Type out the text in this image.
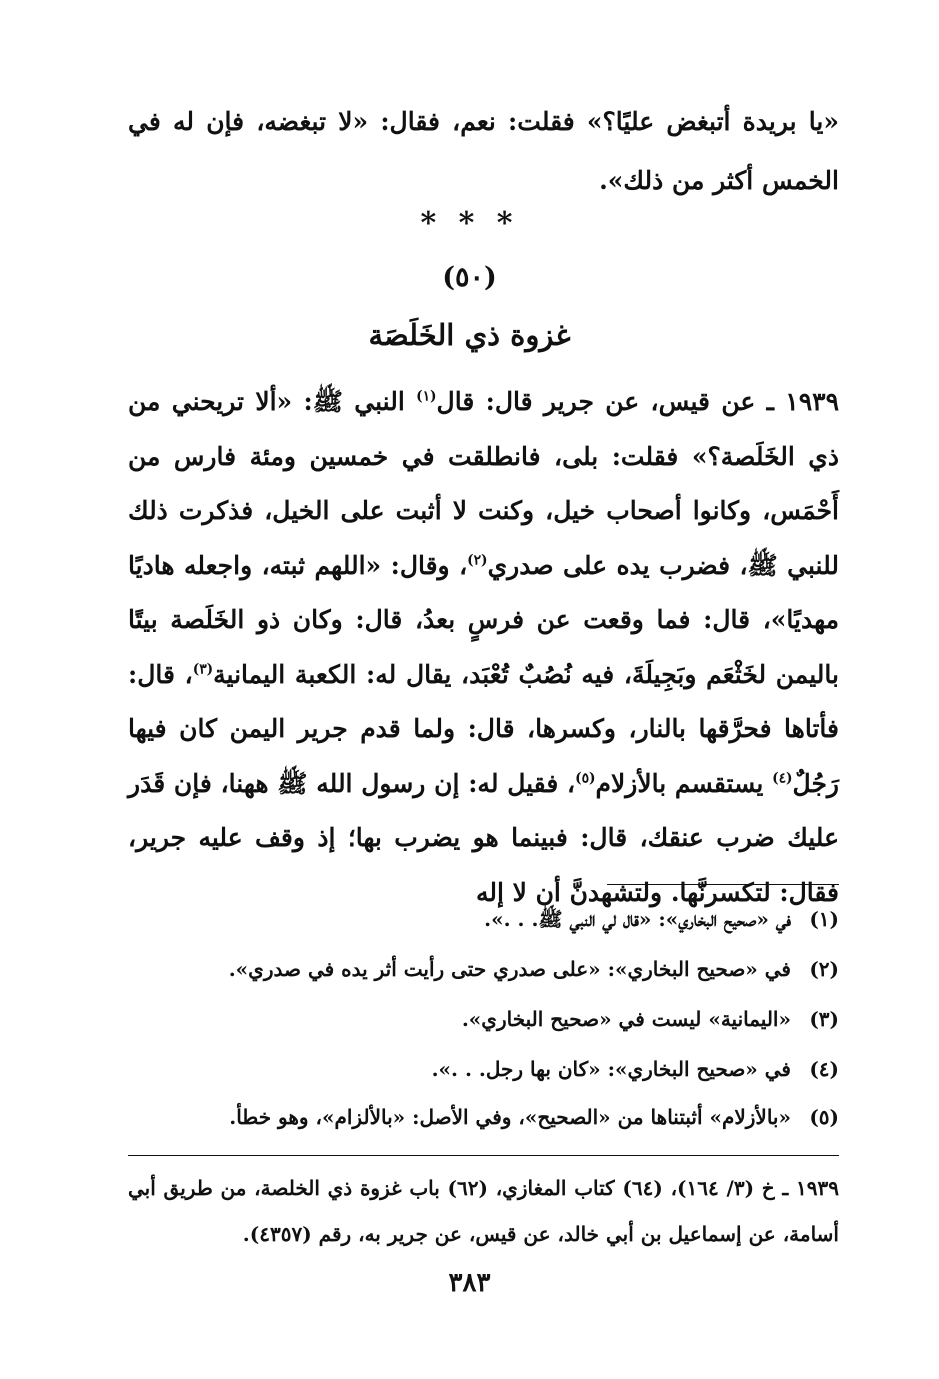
«يا بريدة أتبغض عليًا؟» فقلت: نعم، فقال: «لا تبغضه، فإن له في الخمس أكثر من ذلك».
* * *
(٥٠)
غزوة ذي الخَلَصَة
١٩٣٩ ـ عن قيس، عن جرير قال: قال$^{(١)}$ النبي ﷺ: «ألا تريحني من ذي الخَلَصة؟» فقلت: بلى، فانطلقت في خمسين ومئة فارس من أَحْمَس، وكانوا أصحاب خيل، وكنت لا أثبت على الخيل، فذكرت ذلك للنبي ﷺ، فضرب يده على صدري$^{(٢)}$، وقال: «اللهم ثبته، واجعله هاديًا مهديًا»، قال: فما وقعت عن فرسٍ بعدُ، قال: وكان ذو الخَلَصة بيتًا باليمن لخَثْعَم وبَجِيلَةَ، فيه نُصُبٌ تُعْبَد، يقال له: الكعبة اليمانية$^{(٣)}$، قال: فأتاها فحرَّقها بالنار، وكسرها، قال: ولما قدم جرير اليمن كان فيها رَجُلٌ$^{(٤)}$ يستقسم بالأزلام$^{(٥)}$، فقيل له: إن رسول الله ﷺ ههنا، فإن قَدَر عليك ضرب عنقك، قال: فبينما هو يضرب بها؛ إذ وقف عليه جرير، فقال: لتكسرنَّها. ولتشهدنَّ أن لا إله
(١)في «صحيح البخاري»: «قال لي النبي ﷺ. . .».
(٢)في «صحيح البخاري»: «على صدري حتى رأيت أثر يده في صدري».
(٣)«اليمانية» ليست في «صحيح البخاري».
(٤)في «صحيح البخاري»: «كان بها رجل. . .».
(٥)«بالأزلام» أثبتناها من «الصحيح»، وفي الأصل: «بالألزام»، وهو خطأ.
١٩٣٩ ـ خ (٣/ ١٦٤)، (٦٤) كتاب المغازي، (٦٢) باب غزوة ذي الخلصة، من طريق أبي أسامة، عن إسماعيل بن أبي خالد، عن قيس، عن جرير به، رقم (٤٣٥٧).
٣٨٣
